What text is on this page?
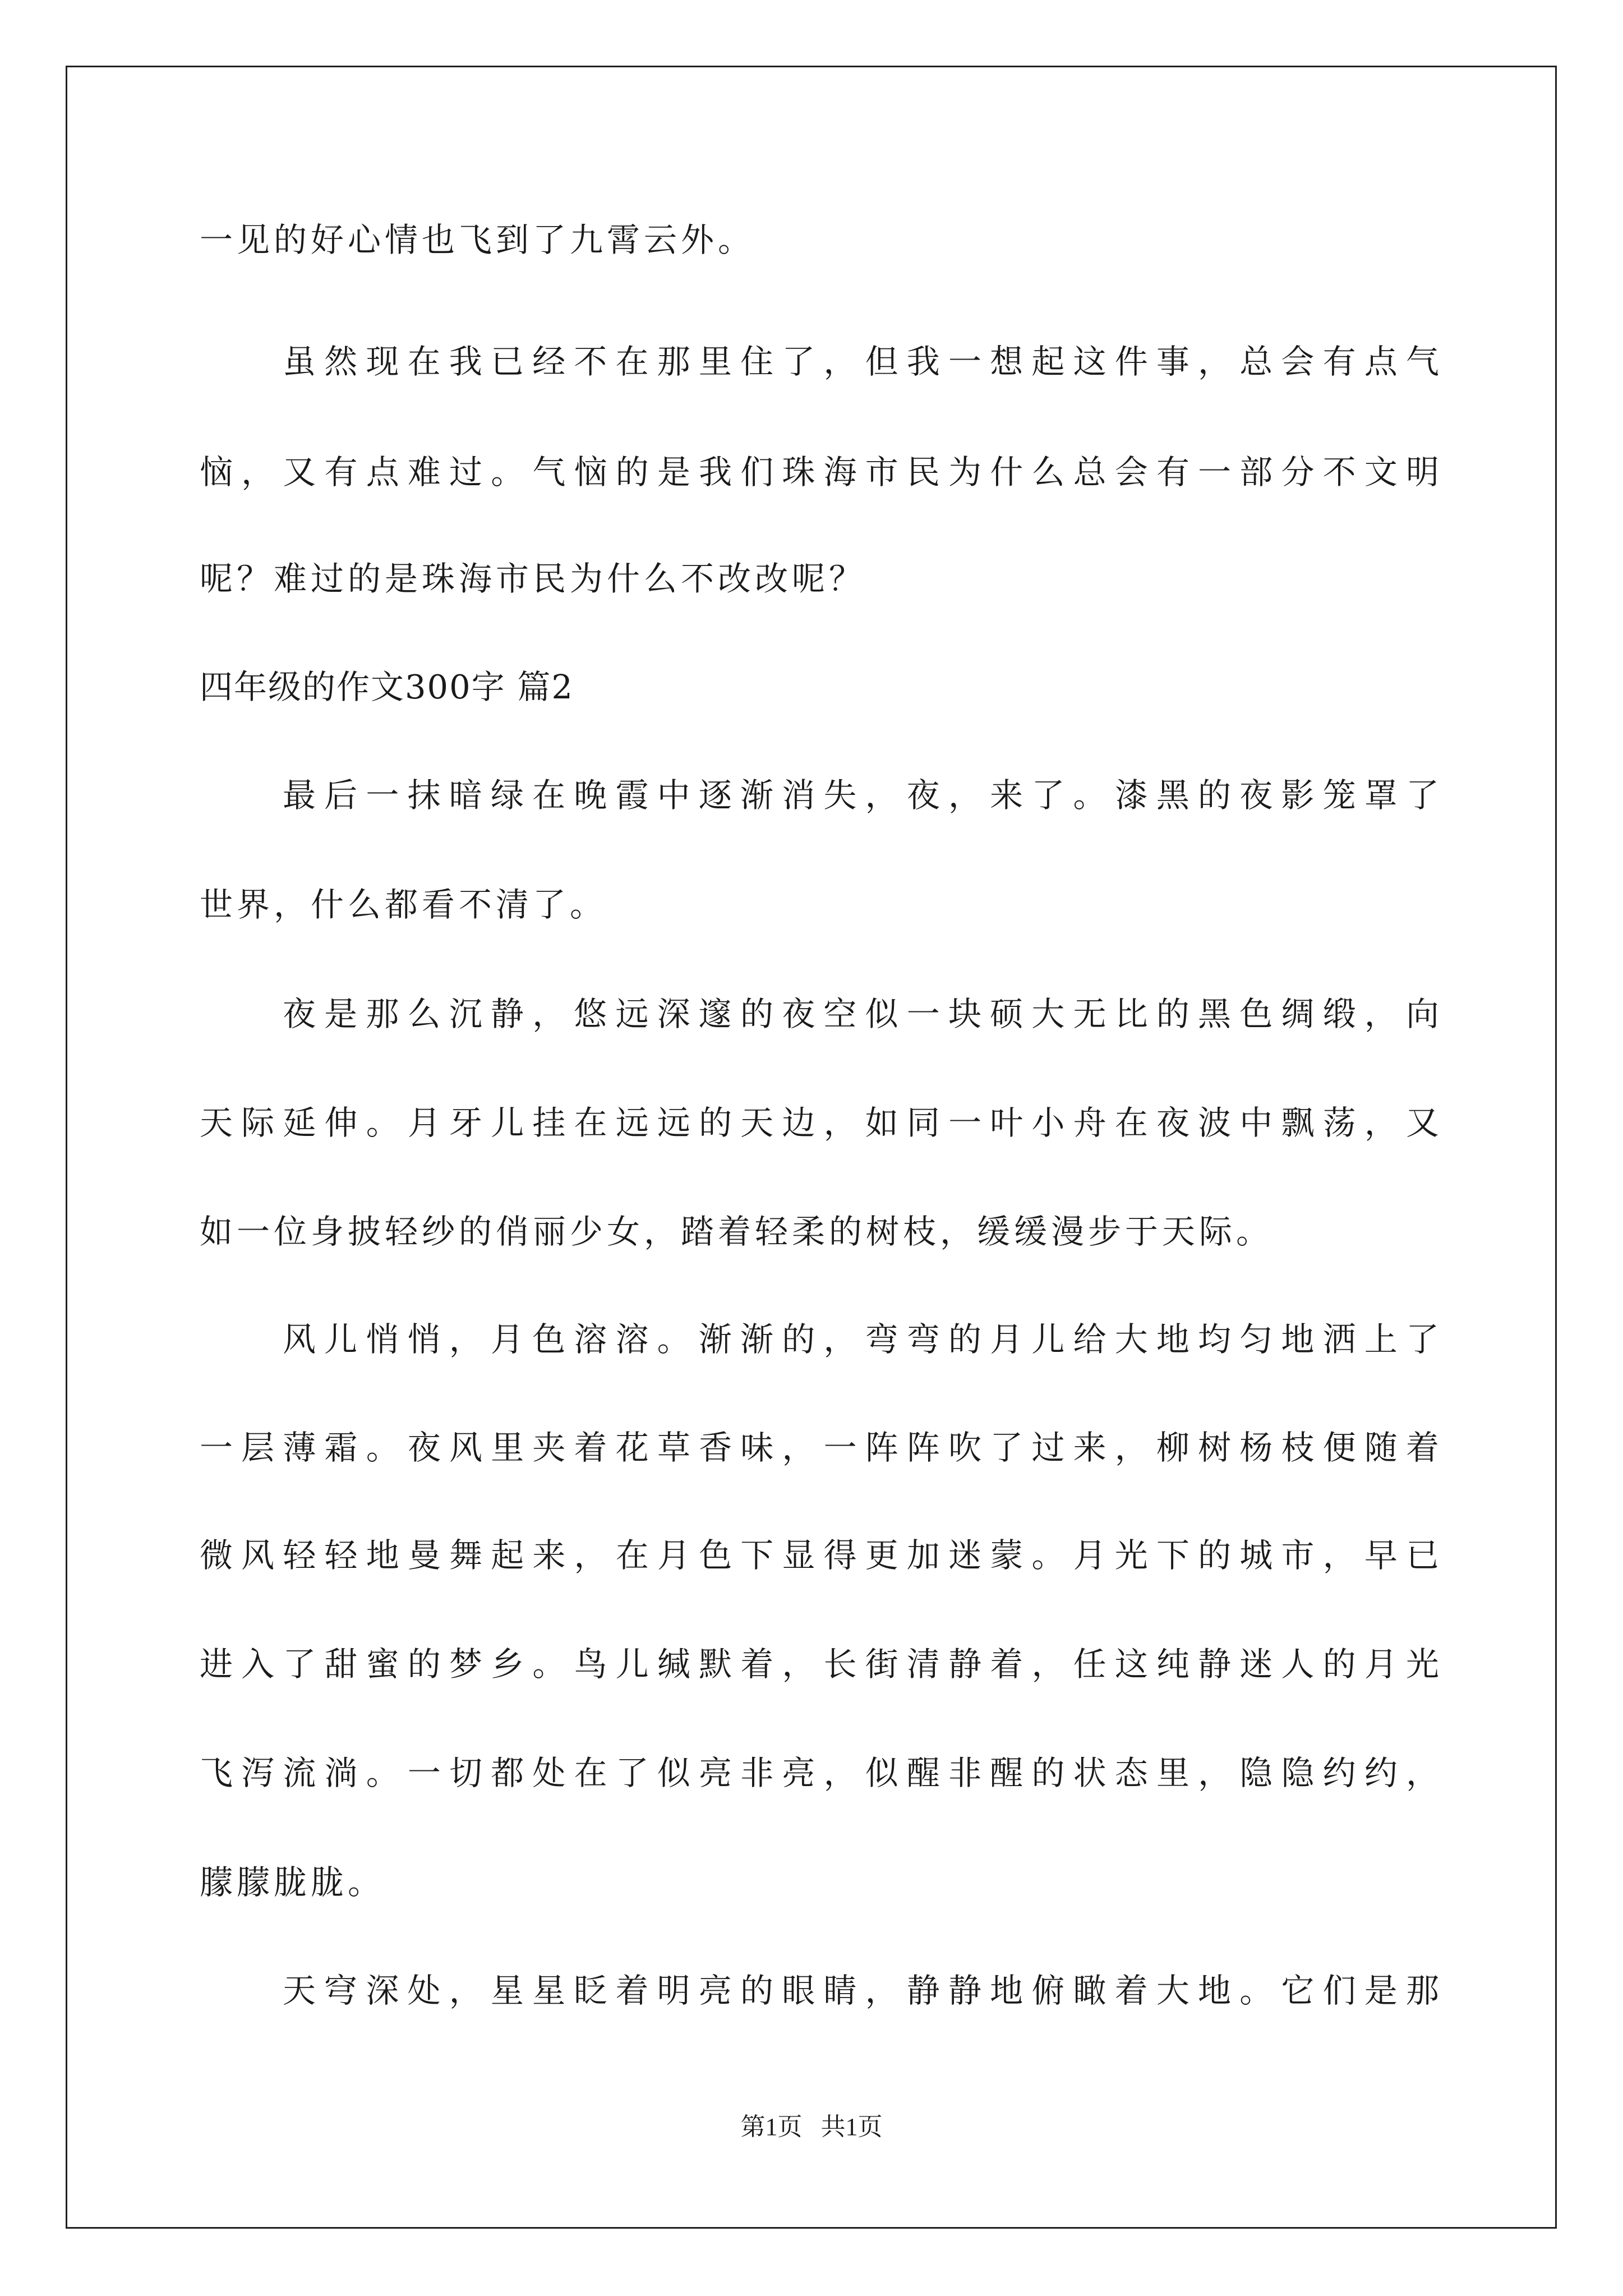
一见的好心情也飞到了九霄云外。
虽然现在我已经不在那里住了，但我一想起这件事，总会有点气
恼，又有点难过。气恼的是我们珠海市民为什么总会有一部分不文明
呢？难过的是珠海市民为什么不改改呢？
四年级的作文300字 篇2
最后一抹暗绿在晚霞中逐渐消失，夜，来了。漆黑的夜影笼罩了
世界，什么都看不清了。
夜是那么沉静，悠远深邃的夜空似一块硕大无比的黑色绸缎，向
天际延伸。月牙儿挂在远远的天边，如同一叶小舟在夜波中飘荡，又
如一位身披轻纱的俏丽少女，踏着轻柔的树枝，缓缓漫步于天际。
风儿悄悄，月色溶溶。渐渐的，弯弯的月儿给大地均匀地洒上了
一层薄霜。夜风里夹着花草香味，一阵阵吹了过来，柳树杨枝便随着
微风轻轻地曼舞起来，在月色下显得更加迷蒙。月光下的城市，早已
进入了甜蜜的梦乡。鸟儿缄默着，长街清静着，任这纯静迷人的月光
飞泻流淌。一切都处在了似亮非亮，似醒非醒的状态里，隐隐约约，
朦朦胧胧。
天穹深处，星星眨着明亮的眼睛，静静地俯瞰着大地。它们是那
第1页   共1页
